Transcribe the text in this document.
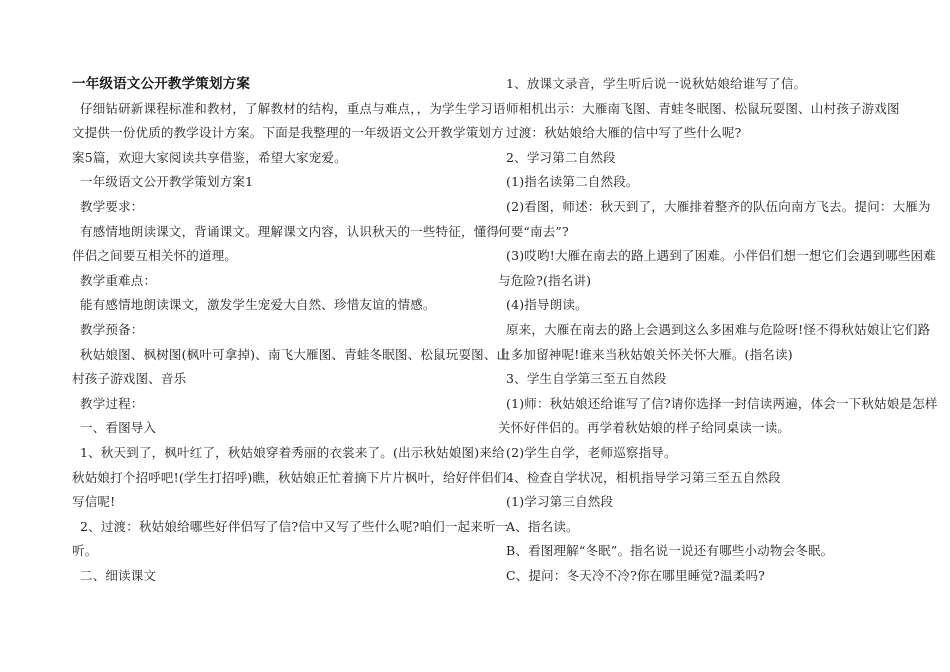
一年级语文公开教学策划方案
仔细钻研新课程标准和教材，了解教材的结构，重点与难点，，为学生学习语
文提供一份优质的教学设计方案。下面是我整理的一年级语文公开教学策划方
案5篇，欢迎大家阅读共享借鉴，希望大家宠爱。
一年级语文公开教学策划方案1
教学要求：
有感情地朗读课文，背诵课文。理解课文内容，认识秋天的一些特征，懂得
伴侣之间要互相关怀的道理。
教学重难点：
能有感情地朗读课文，激发学生宠爱大自然、珍惜友谊的情感。
教学预备：
秋姑娘图、枫树图(枫叶可拿掉)、南飞大雁图、青蛙冬眠图、松鼠玩耍图、山
村孩子游戏图、音乐
教学过程：
一、看图导入
1、秋天到了，枫叶红了，秋姑娘穿着秀丽的衣裳来了。(出示秋姑娘图)来给
秋姑娘打个招呼吧!(学生打招呼)瞧，秋姑娘正忙着摘下片片枫叶，给好伴侣们
写信呢!
2、过渡：秋姑娘给哪些好伴侣写了信?信中又写了些什么呢?咱们一起来听一
听。
二、细读课文
1、放课文录音，学生听后说一说秋姑娘给谁写了信。
师相机出示：大雁南飞图、青蛙冬眠图、松鼠玩耍图、山村孩子游戏图
过渡：秋姑娘给大雁的信中写了些什么呢?
2、学习第二自然段
(1)指名读第二自然段。
(2)看图，师述：秋天到了，大雁排着整齐的队伍向南方飞去。提问：大雁为
何要“南去”?
(3)哎哟!大雁在南去的路上遇到了困难。小伴侣们想一想它们会遇到哪些困难
与危险?(指名讲)
(4)指导朗读。
原来，大雁在南去的路上会遇到这么多困难与危险呀!怪不得秋姑娘让它们路
上多加留神呢!谁来当秋姑娘关怀关怀大雁。(指名读)
3、学生自学第三至五自然段
(1)师：秋姑娘还给谁写了信?请你选择一封信读两遍，体会一下秋姑娘是怎样
关怀好伴侣的。再学着秋姑娘的样子给同桌读一读。
(2)学生自学，老师巡察指导。
4、检查自学状况，相机指导学习第三至五自然段
(1)学习第三自然段
A、指名读。
B、看图理解“冬眠”。指名说一说还有哪些小动物会冬眠。
C、提问：冬天冷不冷?你在哪里睡觉?温柔吗?
